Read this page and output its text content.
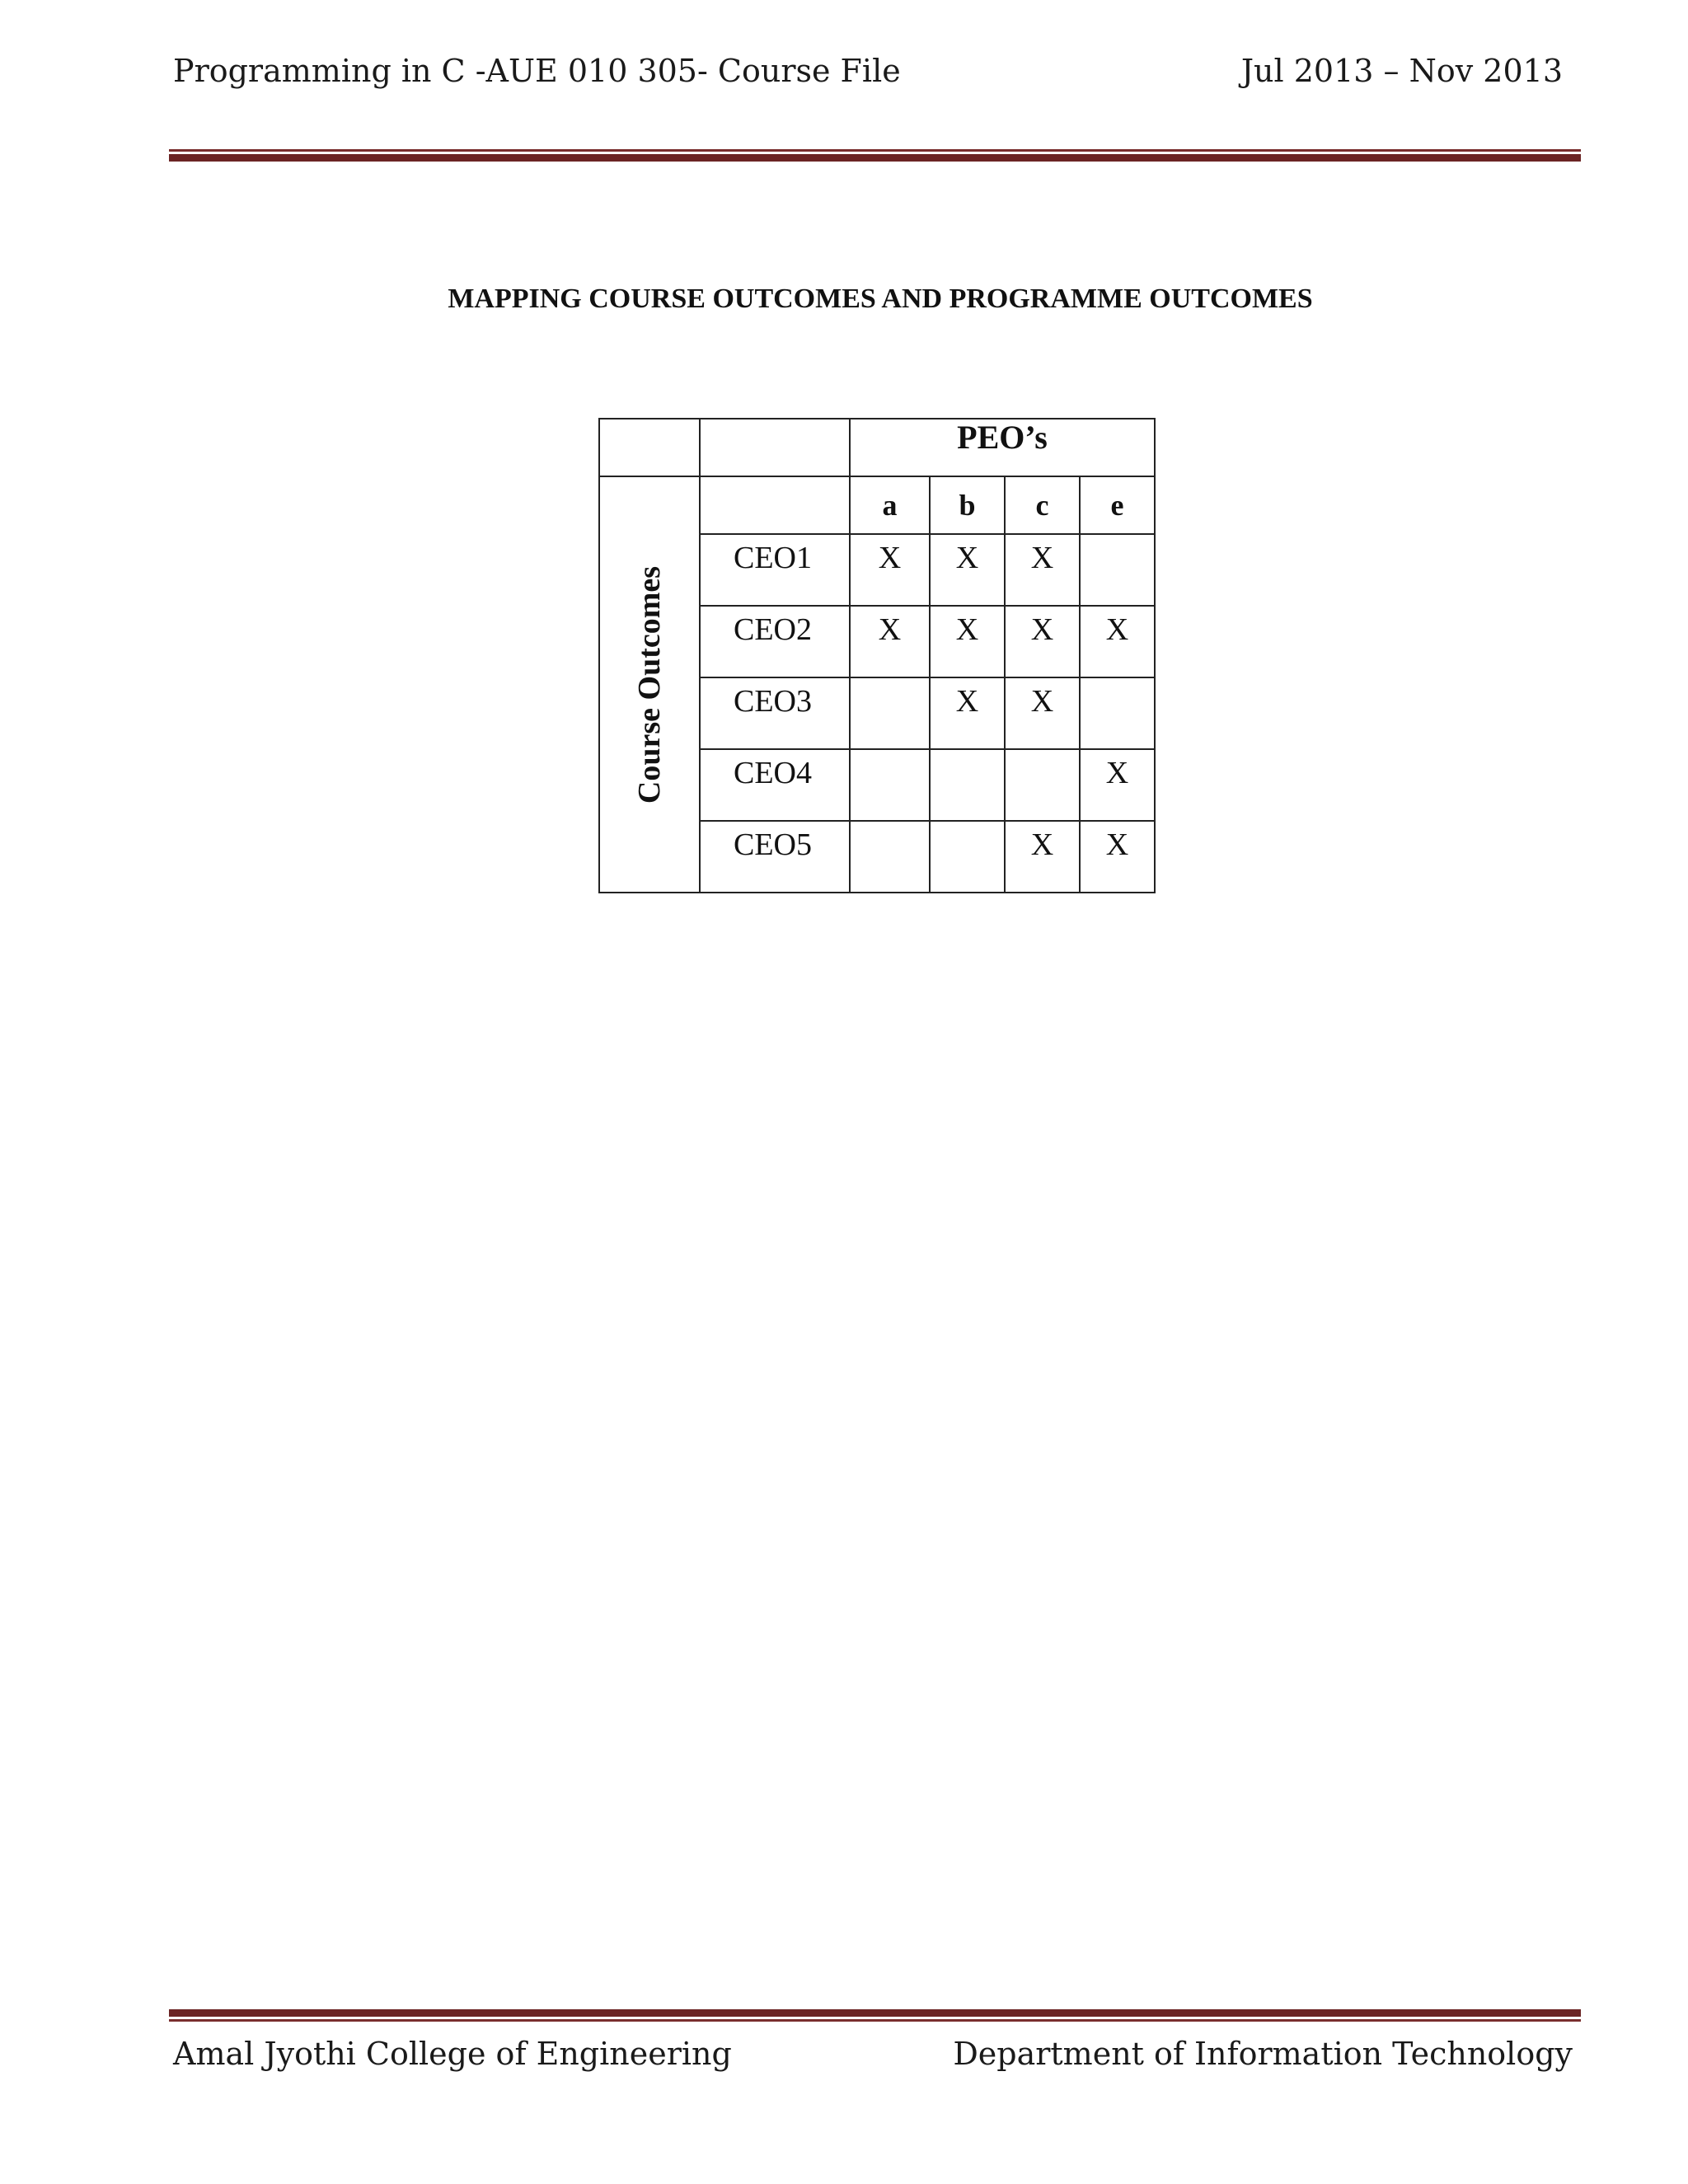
Programming in C -AUE 010 305- Course File	Jul 2013 – Nov 2013
MAPPING COURSE OUTCOMES AND PROGRAMME OUTCOMES
		PEO’s			

Course Outcomes		a	b	c	e
	CEO1	X	X	X	
	CEO2	X	X	X	X
	CEO3		X	X	
	CEO4				X
	CEO5			X	X
Amal Jyothi College of Engineering	Department of Information Technology
